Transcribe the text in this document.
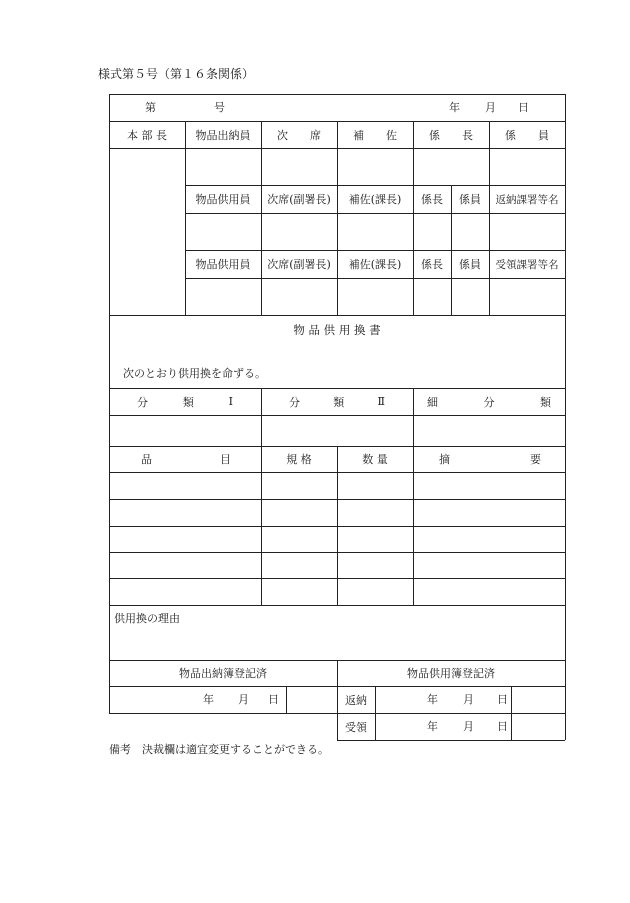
様式第５号（第１６条関係）
第	号	年 月 日
本 部 長	物品出納員	次　　席	補　　佐	係　　長	係　　員
物品供用員	次席(副署長)	補佐(課長)	係長	係員	返納課署等名
物品供用員	次席(副署長)	補佐(課長)	係長	係員	受領課署等名
物 品 供 用 換 書
次のとおり供用換を命ずる。
分	類	Ⅰ	分	類	Ⅱ	細	分	類
品	目	規 格	数 量	摘	要
供用換の理由
物品出納簿登記済	物品供用簿登記済
年 月 日	返納	年 月 日
受領	年 月 日
備考　決裁欄は適宜変更することができる。
